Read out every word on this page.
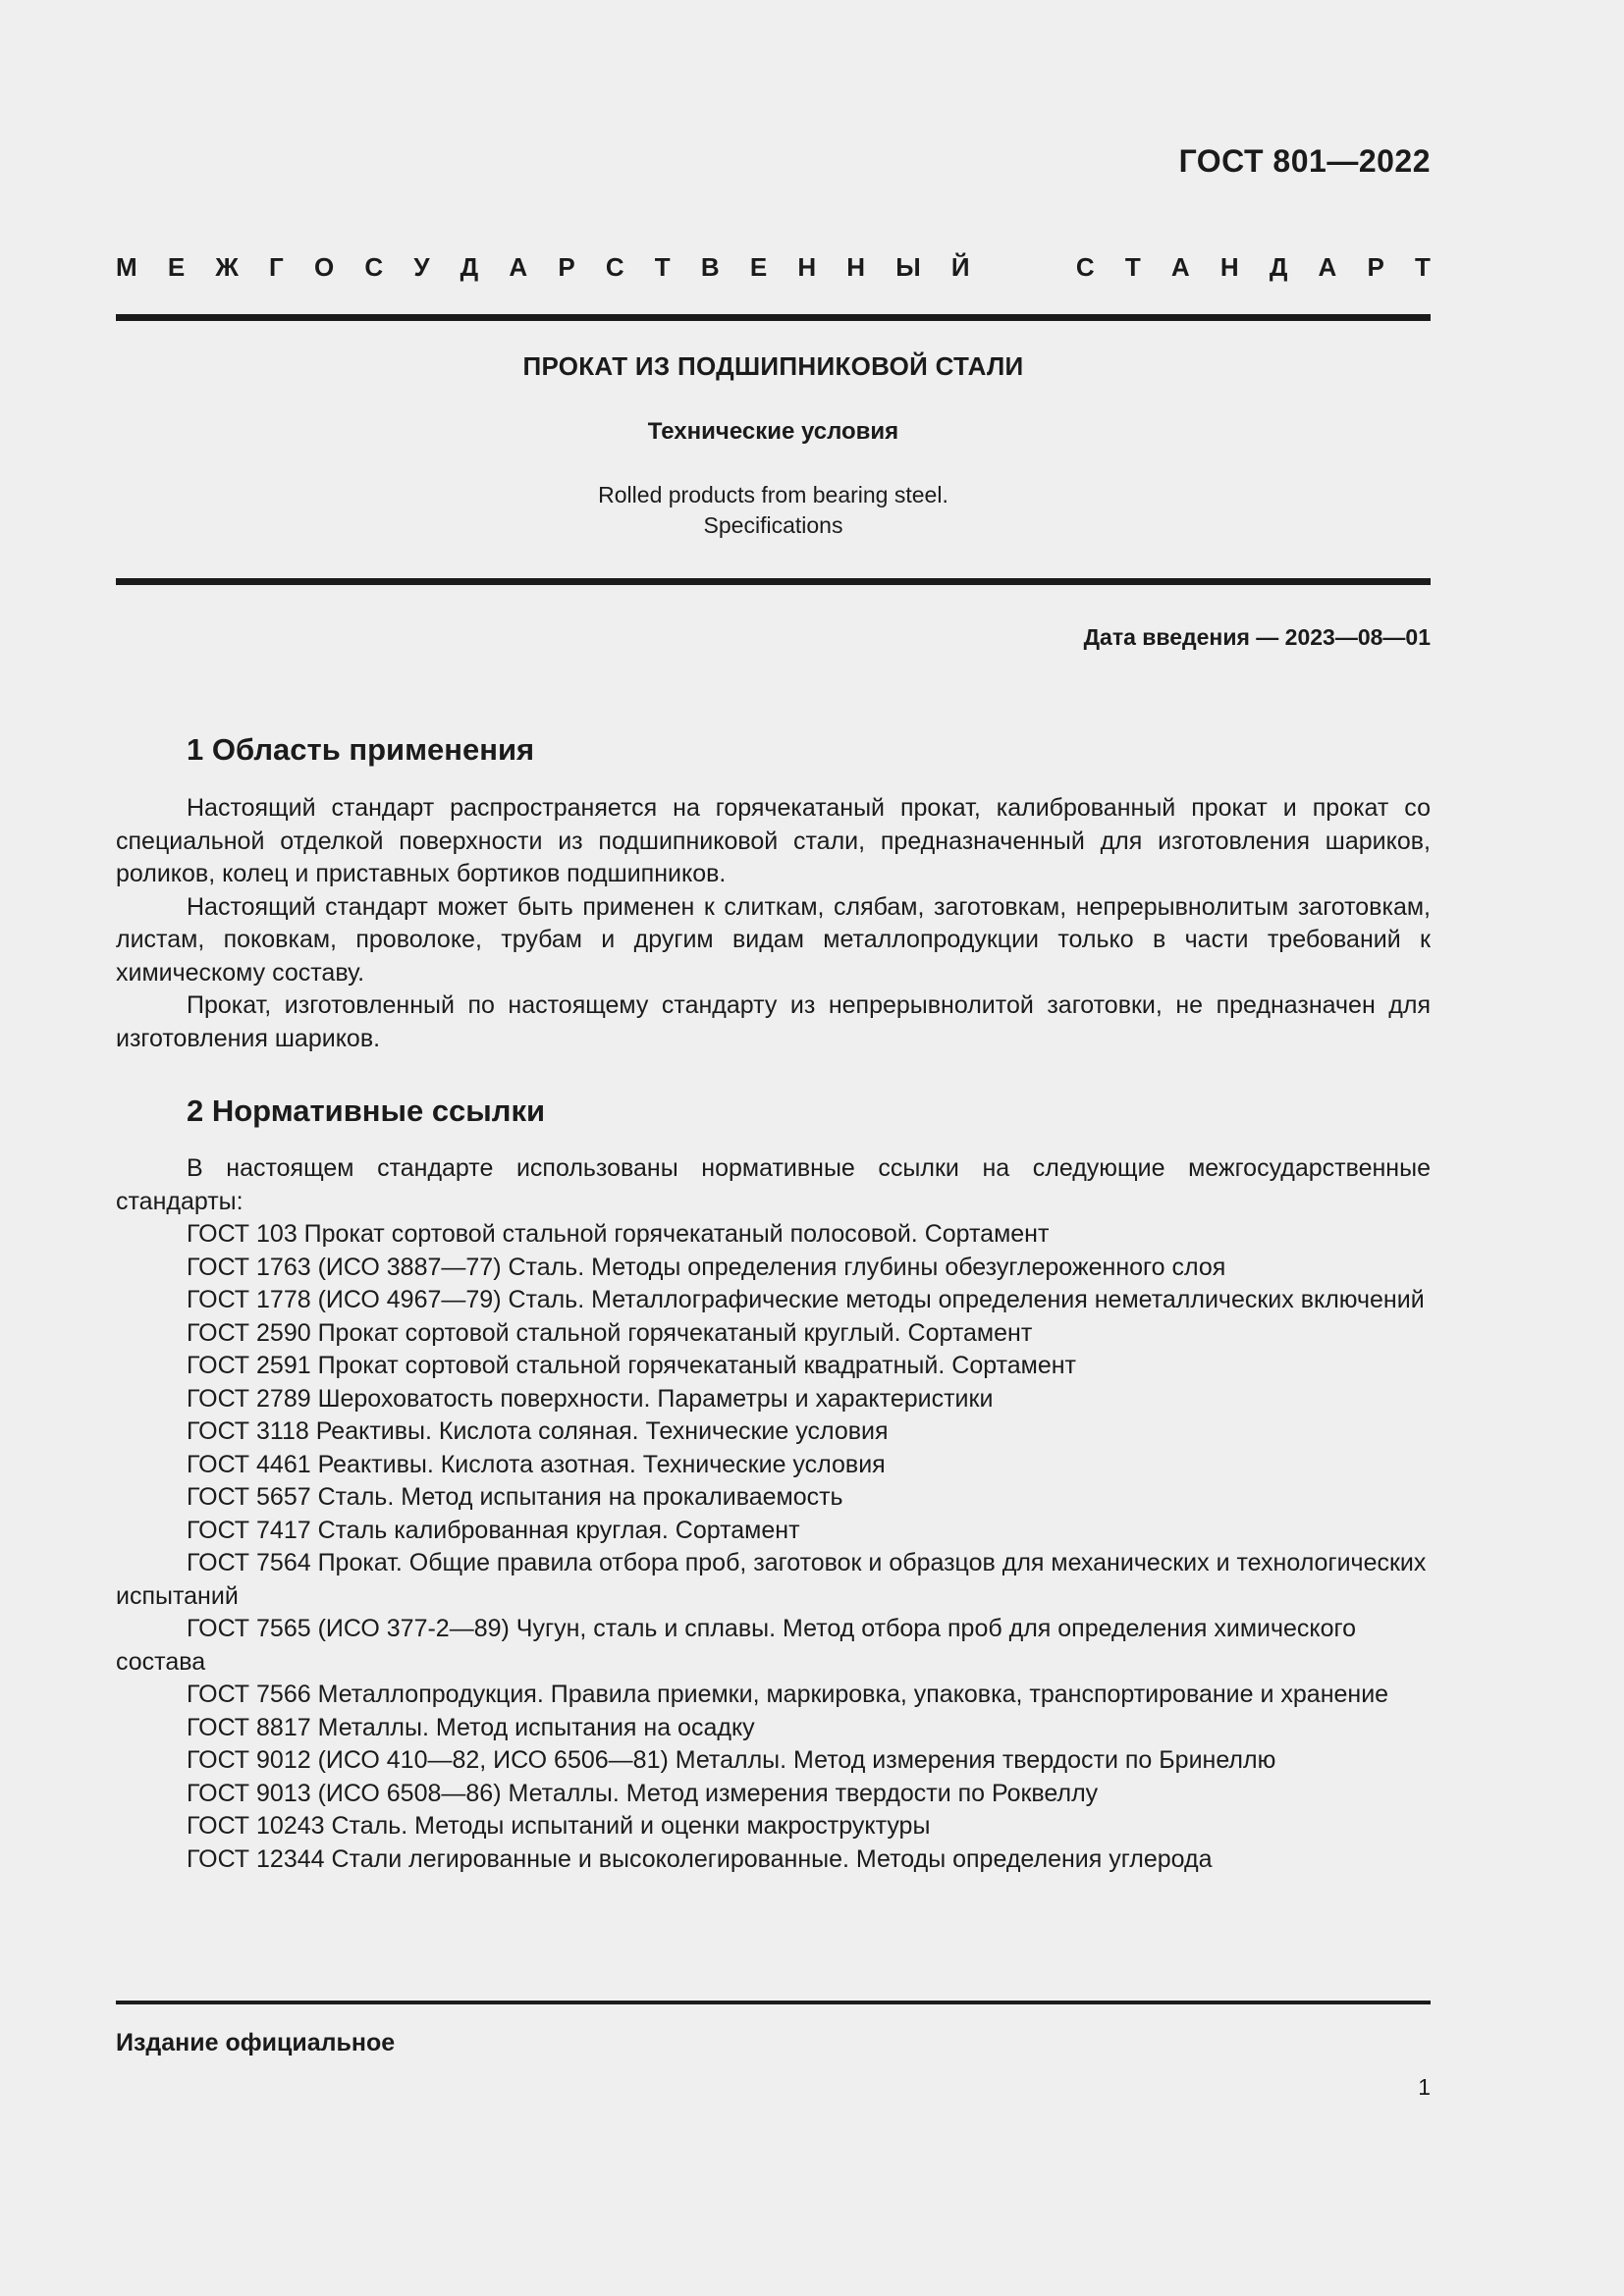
ГОСТ 801—2022
М Е Ж Г О С У Д А Р С Т В Е Н Н Ы Й	С Т А Н Д А Р Т
ПРОКАТ ИЗ ПОДШИПНИКОВОЙ СТАЛИ
Технические условия
Rolled products from bearing steel.
Specifications
Дата введения — 2023—08—01
1 Область применения

Настоящий стандарт распространяется на горячекатаный прокат, калиброванный прокат и прокат со специальной отделкой поверхности из подшипниковой стали, предназначенный для изготовления шариков, роликов, колец и приставных бортиков подшипников.

Настоящий стандарт может быть применен к слиткам, слябам, заготовкам, непрерывнолитым заготовкам, листам, поковкам, проволоке, трубам и другим видам металлопродукции только в части требований к химическому составу.

Прокат, изготовленный по настоящему стандарту из непрерывнолитой заготовки, не предназначен для изготовления шариков.

2 Нормативные ссылки

В настоящем стандарте использованы нормативные ссылки на следующие межгосударственные стандарты:

ГОСТ 103 Прокат сортовой стальной горячекатаный полосовой. Сортамент
ГОСТ 1763 (ИСО 3887—77) Сталь. Методы определения глубины обезуглероженного слоя
ГОСТ 1778 (ИСО 4967—79) Сталь. Металлографические методы определения неметаллических включений
ГОСТ 2590 Прокат сортовой стальной горячекатаный круглый. Сортамент
ГОСТ 2591 Прокат сортовой стальной горячекатаный квадратный. Сортамент
ГОСТ 2789 Шероховатость поверхности. Параметры и характеристики
ГОСТ 3118 Реактивы. Кислота соляная. Технические условия
ГОСТ 4461 Реактивы. Кислота азотная. Технические условия
ГОСТ 5657 Сталь. Метод испытания на прокаливаемость
ГОСТ 7417 Сталь калиброванная круглая. Сортамент
ГОСТ 7564 Прокат. Общие правила отбора проб, заготовок и образцов для механических и технологических испытаний
ГОСТ 7565 (ИСО 377-2—89) Чугун, сталь и сплавы. Метод отбора проб для определения химического состава
ГОСТ 7566 Металлопродукция. Правила приемки, маркировка, упаковка, транспортирование и хранение
ГОСТ 8817 Металлы. Метод испытания на осадку
ГОСТ 9012 (ИСО 410—82, ИСО 6506—81) Металлы. Метод измерения твердости по Бринеллю
ГОСТ 9013 (ИСО 6508—86) Металлы. Метод измерения твердости по Роквеллу
ГОСТ 10243 Сталь. Методы испытаний и оценки макроструктуры
ГОСТ 12344 Стали легированные и высоколегированные. Методы определения углерода
Издание официальное
1
